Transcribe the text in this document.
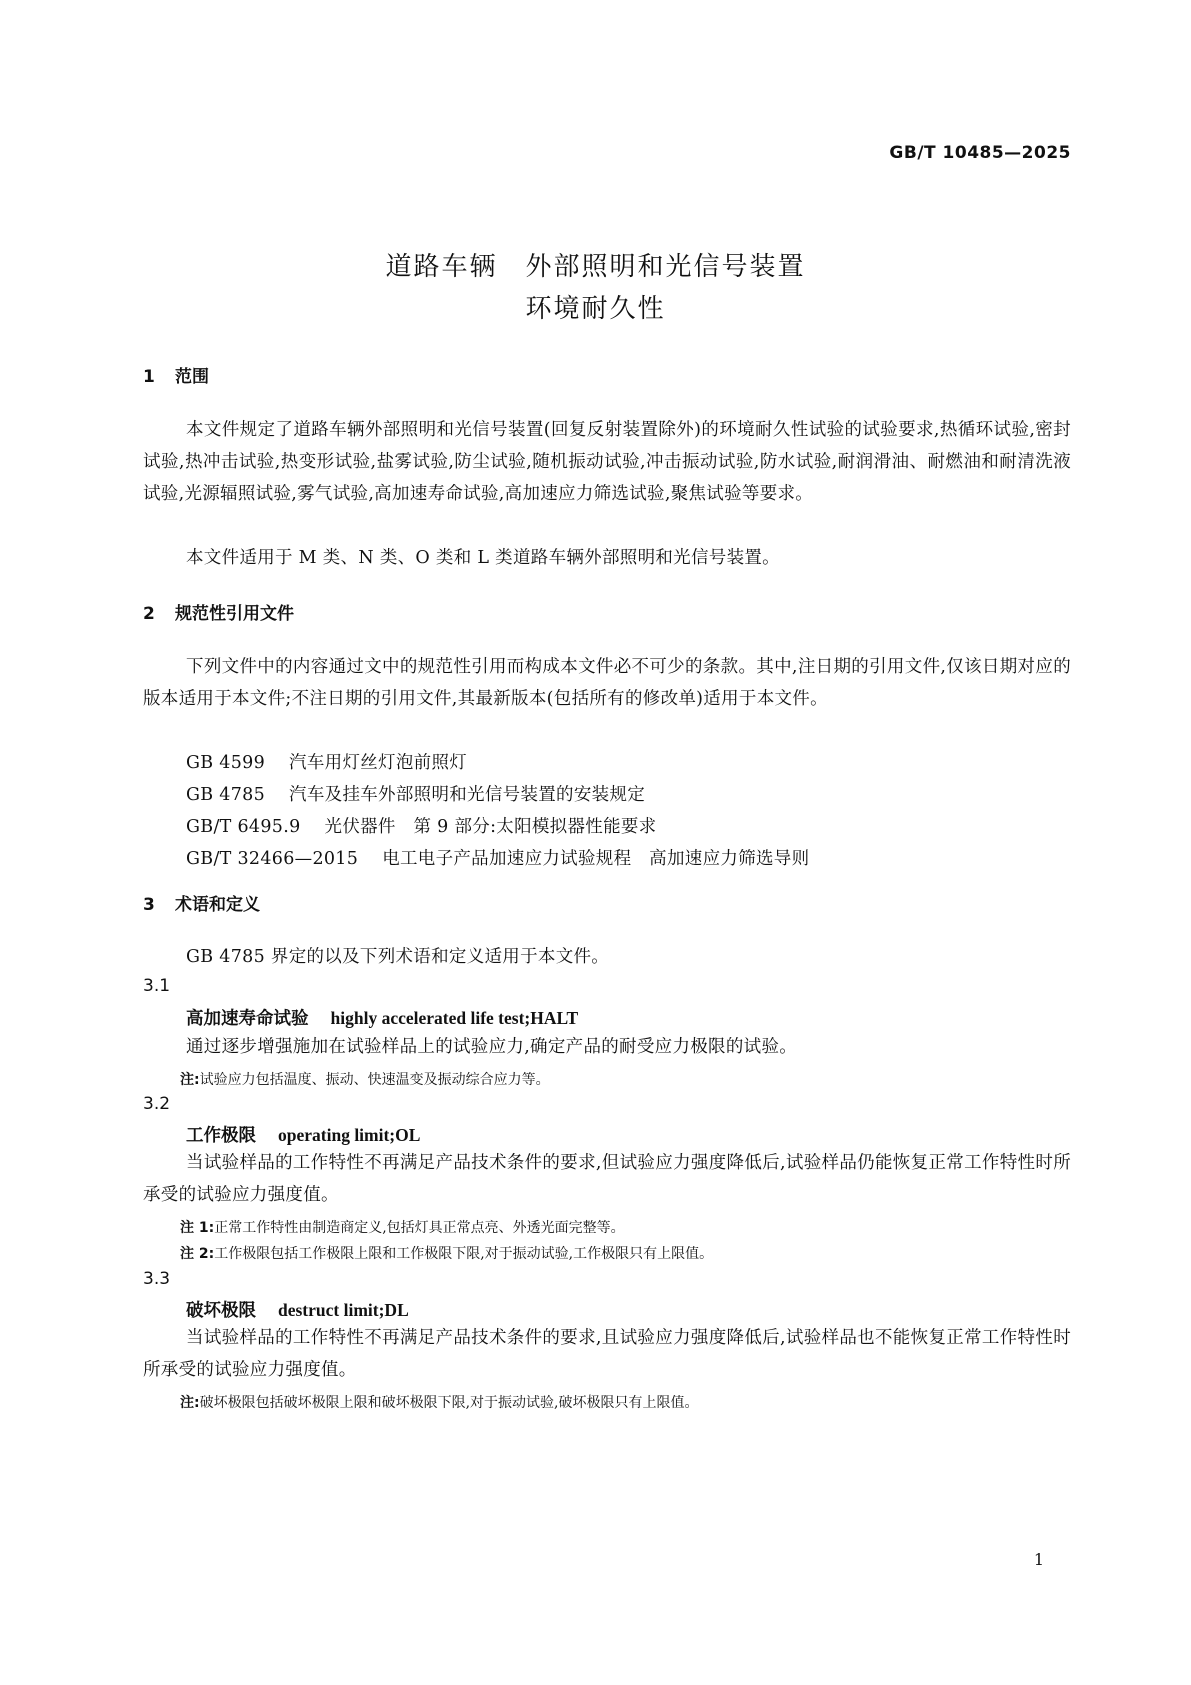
GB/T 10485—2025
道路车辆　外部照明和光信号装置
环境耐久性
1 范围
本文件规定了道路车辆外部照明和光信号装置(回复反射装置除外)的环境耐久性试验的试验要求,热循环试验,密封试验,热冲击试验,热变形试验,盐雾试验,防尘试验,随机振动试验,冲击振动试验,防水试验,耐润滑油、耐燃油和耐清洗液试验,光源辐照试验,雾气试验,高加速寿命试验,高加速应力筛选试验,聚焦试验等要求。
本文件适用于 M 类、N 类、O 类和 L 类道路车辆外部照明和光信号装置。
2 规范性引用文件
下列文件中的内容通过文中的规范性引用而构成本文件必不可少的条款。其中,注日期的引用文件,仅该日期对应的版本适用于本文件;不注日期的引用文件,其最新版本(包括所有的修改单)适用于本文件。
GB 4599 汽车用灯丝灯泡前照灯
GB 4785 汽车及挂车外部照明和光信号装置的安装规定
GB/T 6495.9 光伏器件　第 9 部分:太阳模拟器性能要求
GB/T 32466—2015 电工电子产品加速应力试验规程　高加速应力筛选导则
3 术语和定义
GB 4785 界定的以及下列术语和定义适用于本文件。
3.1
高加速寿命试验 highly accelerated life test;HALT
通过逐步增强施加在试验样品上的试验应力,确定产品的耐受应力极限的试验。
注:试验应力包括温度、振动、快速温变及振动综合应力等。
3.2
工作极限 operating limit;OL
当试验样品的工作特性不再满足产品技术条件的要求,但试验应力强度降低后,试验样品仍能恢复正常工作特性时所承受的试验应力强度值。
注 1:正常工作特性由制造商定义,包括灯具正常点亮、外透光面完整等。
注 2:工作极限包括工作极限上限和工作极限下限,对于振动试验,工作极限只有上限值。
3.3
破坏极限 destruct limit;DL
当试验样品的工作特性不再满足产品技术条件的要求,且试验应力强度降低后,试验样品也不能恢复正常工作特性时所承受的试验应力强度值。
注:破坏极限包括破坏极限上限和破坏极限下限,对于振动试验,破坏极限只有上限值。
1
